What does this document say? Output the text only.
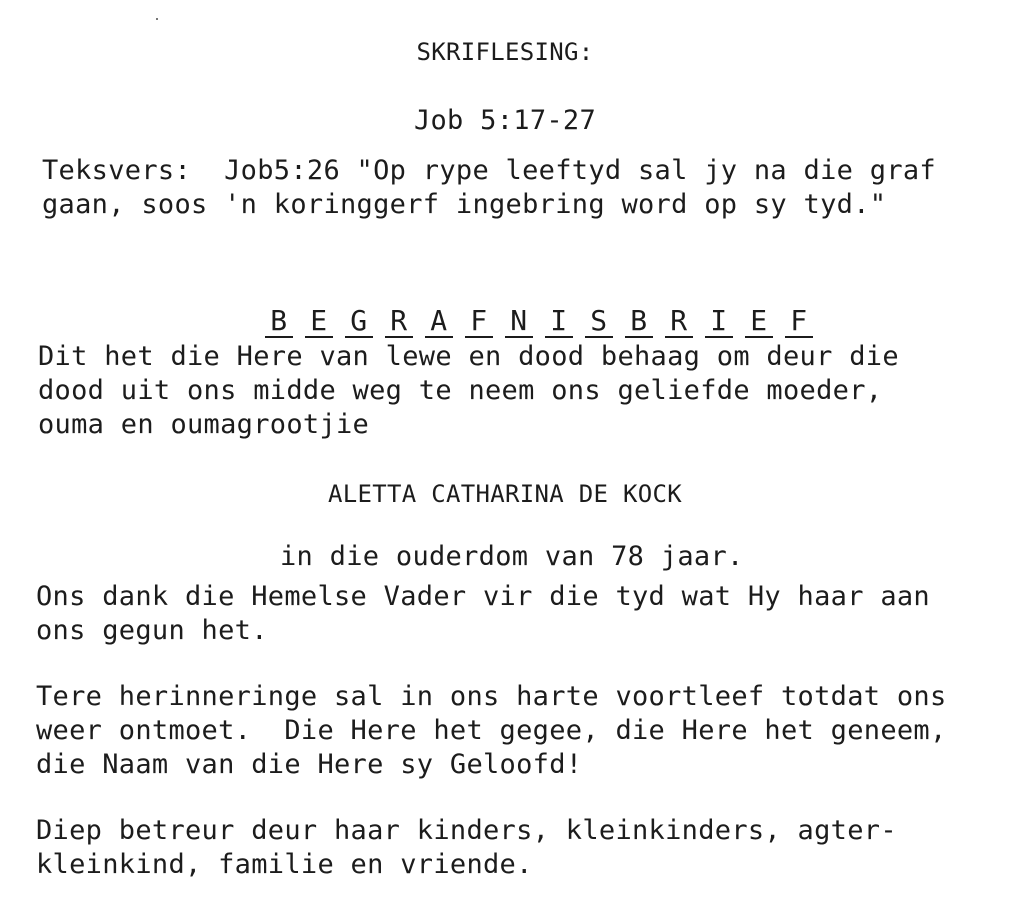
SKRIFLESING:
Job 5:17-27
Teksvers:  Job5:26 "Op rype leeftyd sal jy na die graf
gaan, soos 'n koringgerf ingebring word op sy tyd."

B E G R A F N I S B R I E F

Dit het die Here van lewe en dood behaag om deur die
dood uit ons midde weg te neem ons geliefde moeder,
ouma en oumagrootjie
ALETTA CATHARINA DE KOCK
in die ouderdom van 78 jaar.
Ons dank die Hemelse Vader vir die tyd wat Hy haar aan
ons gegun het.
Tere herinneringe sal in ons harte voortleef totdat ons
weer ontmoet.  Die Here het gegee, die Here het geneem,
die Naam van die Here sy Geloofd!
Diep betreur deur haar kinders, kleinkinders, agter-
kleinkind, familie en vriende.
